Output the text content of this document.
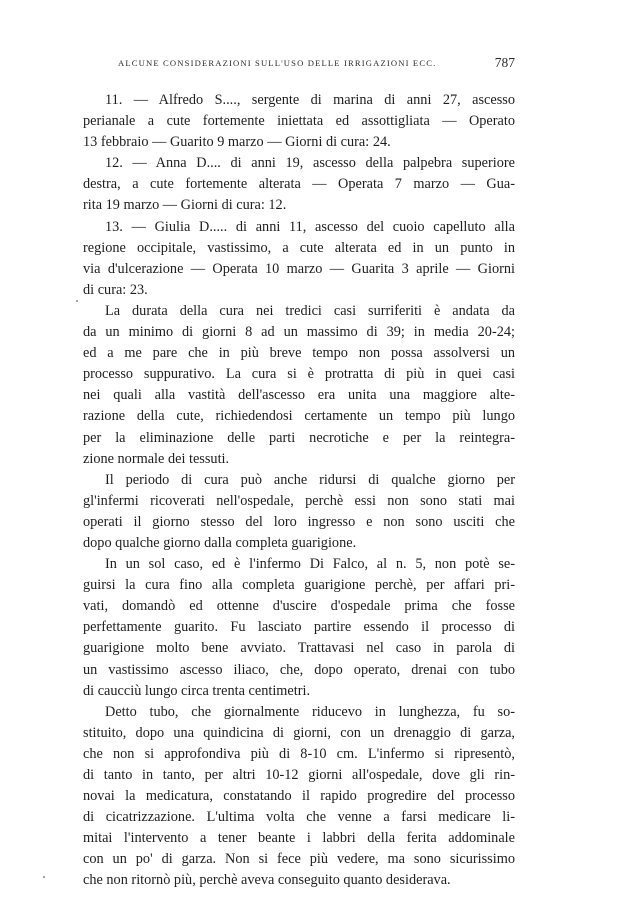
ALCUNE CONSIDERAZIONI SULL'USO DELLE IRRIGAZIONI ECC.	787
11. — Alfredo S...., sergente di marina di anni 27, ascesso
perianale a cute fortemente iniettata ed assottigliata — Operato
13 febbraio — Guarito 9 marzo — Giorni di cura: 24.
12. — Anna D.... di anni 19, ascesso della palpebra superiore
destra, a cute fortemente alterata — Operata 7 marzo — Gua-
rita 19 marzo — Giorni di cura: 12.
13. — Giulia D..... di anni 11, ascesso del cuoio capelluto alla
regione occipitale, vastissimo, a cute alterata ed in un punto in
via d'ulcerazione — Operata 10 marzo — Guarita 3 aprile — Giorni
di cura: 23.
La durata della cura nei tredici casi surriferiti è andata da
da un minimo di giorni 8 ad un massimo di 39; in media 20-24;
ed a me pare che in più breve tempo non possa assolversi un
processo suppurativo. La cura si è protratta di più in quei casi
nei quali alla vastità dell'ascesso era unita una maggiore alte-
razione della cute, richiedendosi certamente un tempo più lungo
per la eliminazione delle parti necrotiche e per la reintegra-
zione normale dei tessuti.
Il periodo di cura può anche ridursi di qualche giorno per
gl'infermi ricoverati nell'ospedale, perchè essi non sono stati mai
operati il giorno stesso del loro ingresso e non sono usciti che
dopo qualche giorno dalla completa guarigione.
In un sol caso, ed è l'infermo Di Falco, al n. 5, non potè se-
guirsi la cura fino alla completa guarigione perchè, per affari pri-
vati, domandò ed ottenne d'uscire d'ospedale prima che fosse
perfettamente guarito. Fu lasciato partire essendo il processo di
guarigione molto bene avviato. Trattavasi nel caso in parola di
un vastissimo ascesso iliaco, che, dopo operato, drenai con tubo
di caucciù lungo circa trenta centimetri.
Detto tubo, che giornalmente riducevo in lunghezza, fu so-
stituito, dopo una quindicina di giorni, con un drenaggio di garza,
che non si approfondiva più di 8-10 cm. L'infermo si ripresentò,
di tanto in tanto, per altri 10-12 giorni all'ospedale, dove gli rin-
novai la medicatura, constatando il rapido progredire del processo
di cicatrizzazione. L'ultima volta che venne a farsi medicare li-
mitai l'intervento a tener beante i labbri della ferita addominale
con un po' di garza. Non si fece più vedere, ma sono sicurissimo
che non ritornò più, perchè aveva conseguito quanto desiderava.
